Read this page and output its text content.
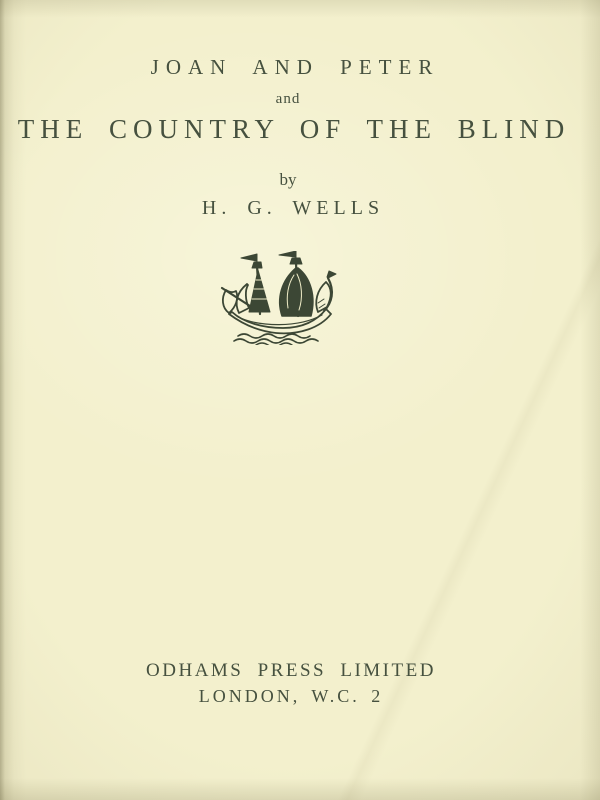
JOAN AND PETER
and
THE COUNTRY OF THE BLIND
by
H. G. WELLS
ODHAMS PRESS LIMITED
LONDON, W.C. 2
